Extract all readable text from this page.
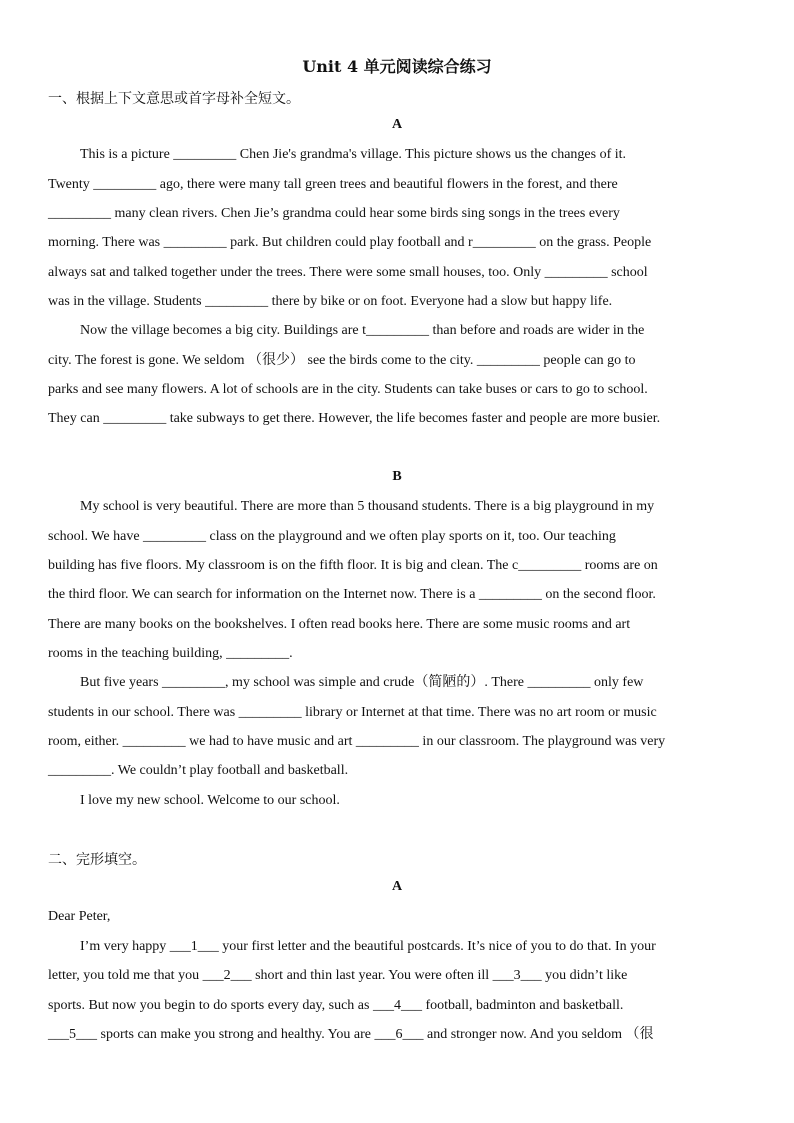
Unit 4 单元阅读综合练习
一、根据上下文意思或首字母补全短文。
A
This is a picture _________ Chen Jie's grandma's village. This picture shows us the changes of it.
Twenty _________ ago, there were many tall green trees and beautiful flowers in the forest, and there
_________ many clean rivers. Chen Jie’s grandma could hear some birds sing songs in the trees every
morning. There was _________ park. But children could play football and r_________ on the grass. People
always sat and talked together under the trees. There were some small houses, too. Only _________ school
was in the village. Students _________ there by bike or on foot. Everyone had a slow but happy life.
Now the village becomes a big city. Buildings are t_________ than before and roads are wider in the
city. The forest is gone. We seldom （很少） see the birds come to the city. _________ people can go to
parks and see many flowers. A lot of schools are in the city. Students can take buses or cars to go to school.
They can _________ take subways to get there. However, the life becomes faster and people are more busier.
B
My school is very beautiful. There are more than 5 thousand students. There is a big playground in my
school. We have _________ class on the playground and we often play sports on it, too. Our teaching
building has five floors. My classroom is on the fifth floor. It is big and clean. The c_________ rooms are on
the third floor. We can search for information on the Internet now. There is a _________ on the second floor.
There are many books on the bookshelves. I often read books here. There are some music rooms and art
rooms in the teaching building, _________.
But five years _________, my school was simple and crude（简陋的）. There _________ only few
students in our school. There was _________ library or Internet at that time. There was no art room or music
room, either. _________ we had to have music and art _________ in our classroom. The playground was very
_________. We couldn’t play football and basketball.
I love my new school. Welcome to our school.
二、完形填空。
A
Dear Peter,
I’m very happy ___1___ your first letter and the beautiful postcards. It’s nice of you to do that. In your
letter, you told me that you ___2___ short and thin last year. You were often ill ___3___ you didn’t like
sports. But now you begin to do sports every day, such as ___4___ football, badminton and basketball.
___5___ sports can make you strong and healthy. You are ___6___ and stronger now. And you seldom （很
